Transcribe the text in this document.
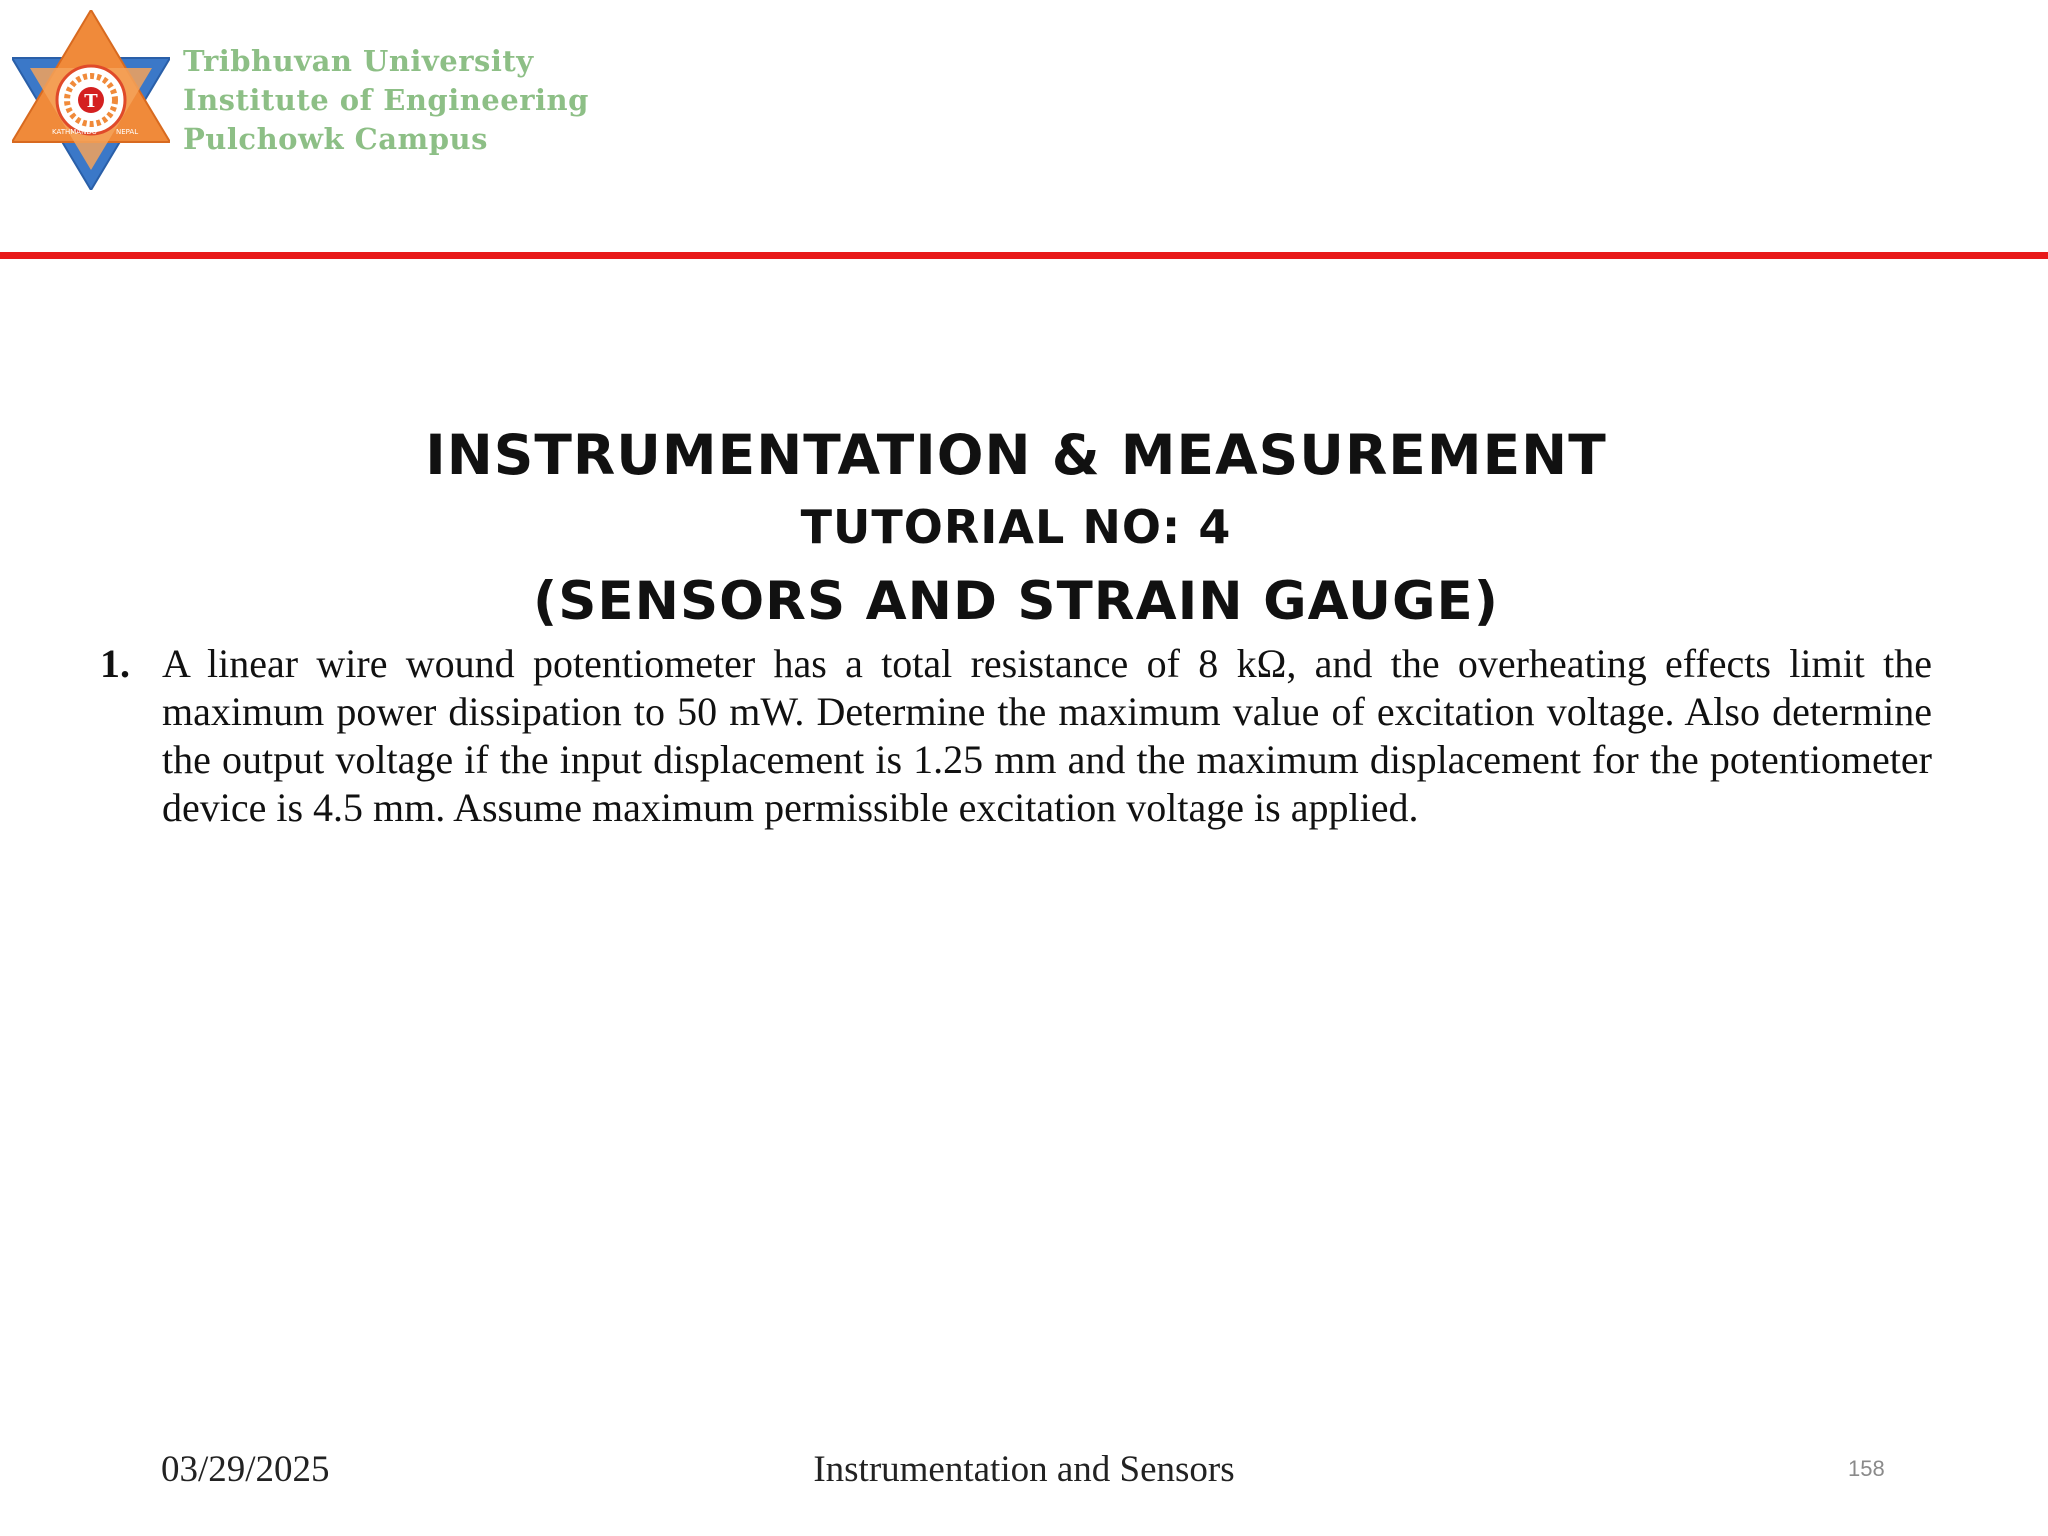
T
KATHMANDU	NEPAL
Tribhuvan University
Institute of Engineering
Pulchowk Campus
INSTRUMENTATION & MEASUREMENT
TUTORIAL NO: 4
(SENSORS AND STRAIN GAUGE)
1. A linear wire wound potentiometer has a total resistance of 8 kΩ, and the overheating effects limit the maximum power dissipation to 50 mW. Determine the maximum value of excitation voltage. Also determine the output voltage if the input displacement is 1.25 mm and the maximum displacement for the potentiometer device is 4.5 mm. Assume maximum permissible excitation voltage is applied.
03/29/2025	Instrumentation and Sensors	158
